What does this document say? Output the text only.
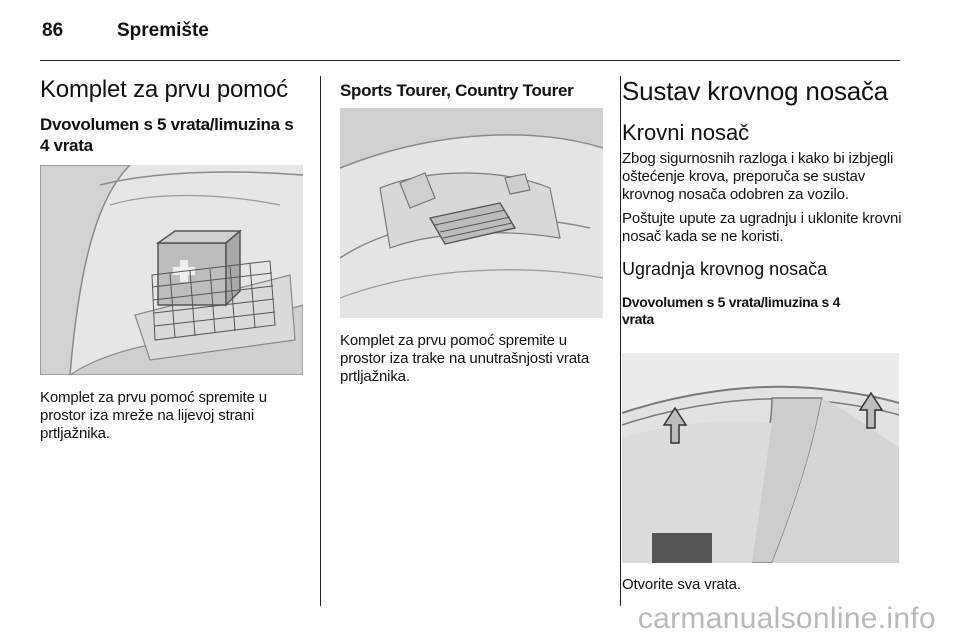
86	Spremište
Komplet za prvu pomoć
Dvovolumen s 5 vrata/limuzina s 4 vrata

Komplet za prvu pomoć spremite u prostor iza mreže na lijevoj strani prtljažnika.

Sports Tourer, Country Tourer

Komplet za prvu pomoć spremite u prostor iza trake na unutrašnjosti vrata prtljažnika.

Sustav krovnog nosača
Krovni nosač

Zbog sigurnosnih razloga i kako bi izbjegli oštećenje krova, preporuča se sustav krovnog nosača odobren za vozilo.

Poštujte upute za ugradnju i uklonite krovni nosač kada se ne koristi.

Ugradnja krovnog nosača
Dvovolumen s 5 vrata/limuzina s 4 vrata

Otvorite sva vrata.

carmanualsonline.info
